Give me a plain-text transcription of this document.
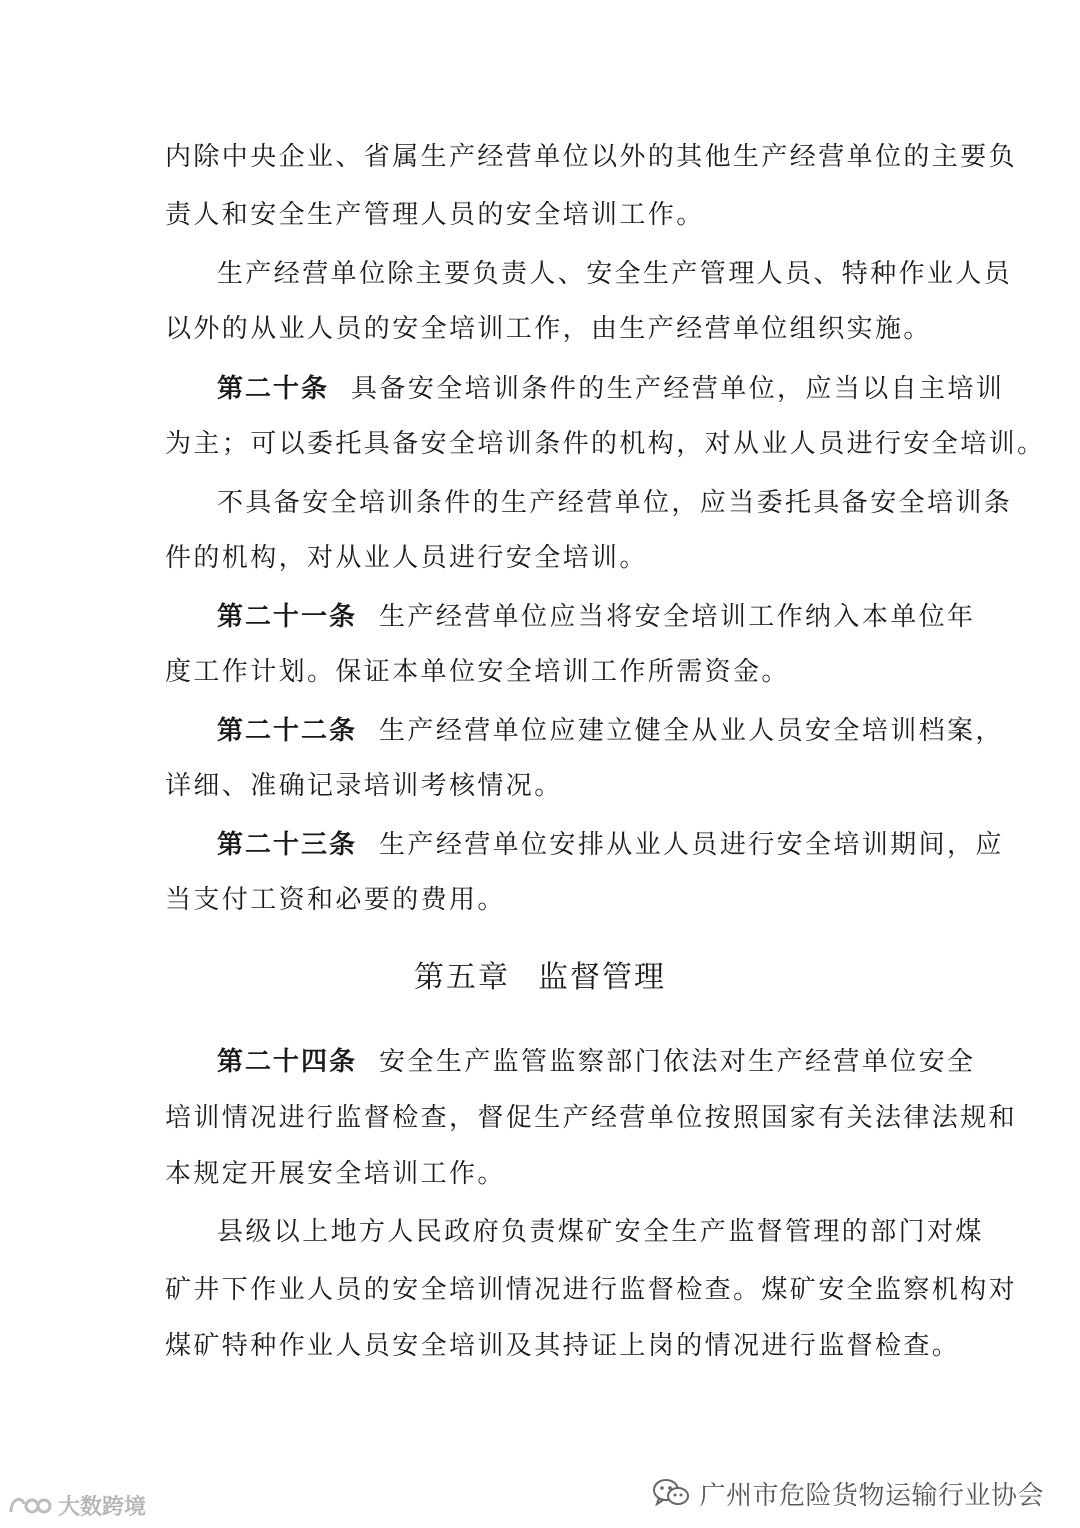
内除中央企业、省属生产经营单位以外的其他生产经营单位的主要负
责人和安全生产管理人员的安全培训工作。
生产经营单位除主要负责人、安全生产管理人员、特种作业人员
以外的从业人员的安全培训工作，由生产经营单位组织实施。
第二十条 具备安全培训条件的生产经营单位，应当以自主培训
为主；可以委托具备安全培训条件的机构，对从业人员进行安全培训。
不具备安全培训条件的生产经营单位，应当委托具备安全培训条
件的机构，对从业人员进行安全培训。
第二十一条 生产经营单位应当将安全培训工作纳入本单位年
度工作计划。保证本单位安全培训工作所需资金。
第二十二条 生产经营单位应建立健全从业人员安全培训档案，
详细、准确记录培训考核情况。
第二十三条 生产经营单位安排从业人员进行安全培训期间，应
当支付工资和必要的费用。
第五章 监督管理
第二十四条 安全生产监管监察部门依法对生产经营单位安全
培训情况进行监督检查，督促生产经营单位按照国家有关法律法规和
本规定开展安全培训工作。
县级以上地方人民政府负责煤矿安全生产监督管理的部门对煤
矿井下作业人员的安全培训情况进行监督检查。煤矿安全监察机构对
煤矿特种作业人员安全培训及其持证上岗的情况进行监督检查。
广州市危险货物运输行业协会
大数跨境
